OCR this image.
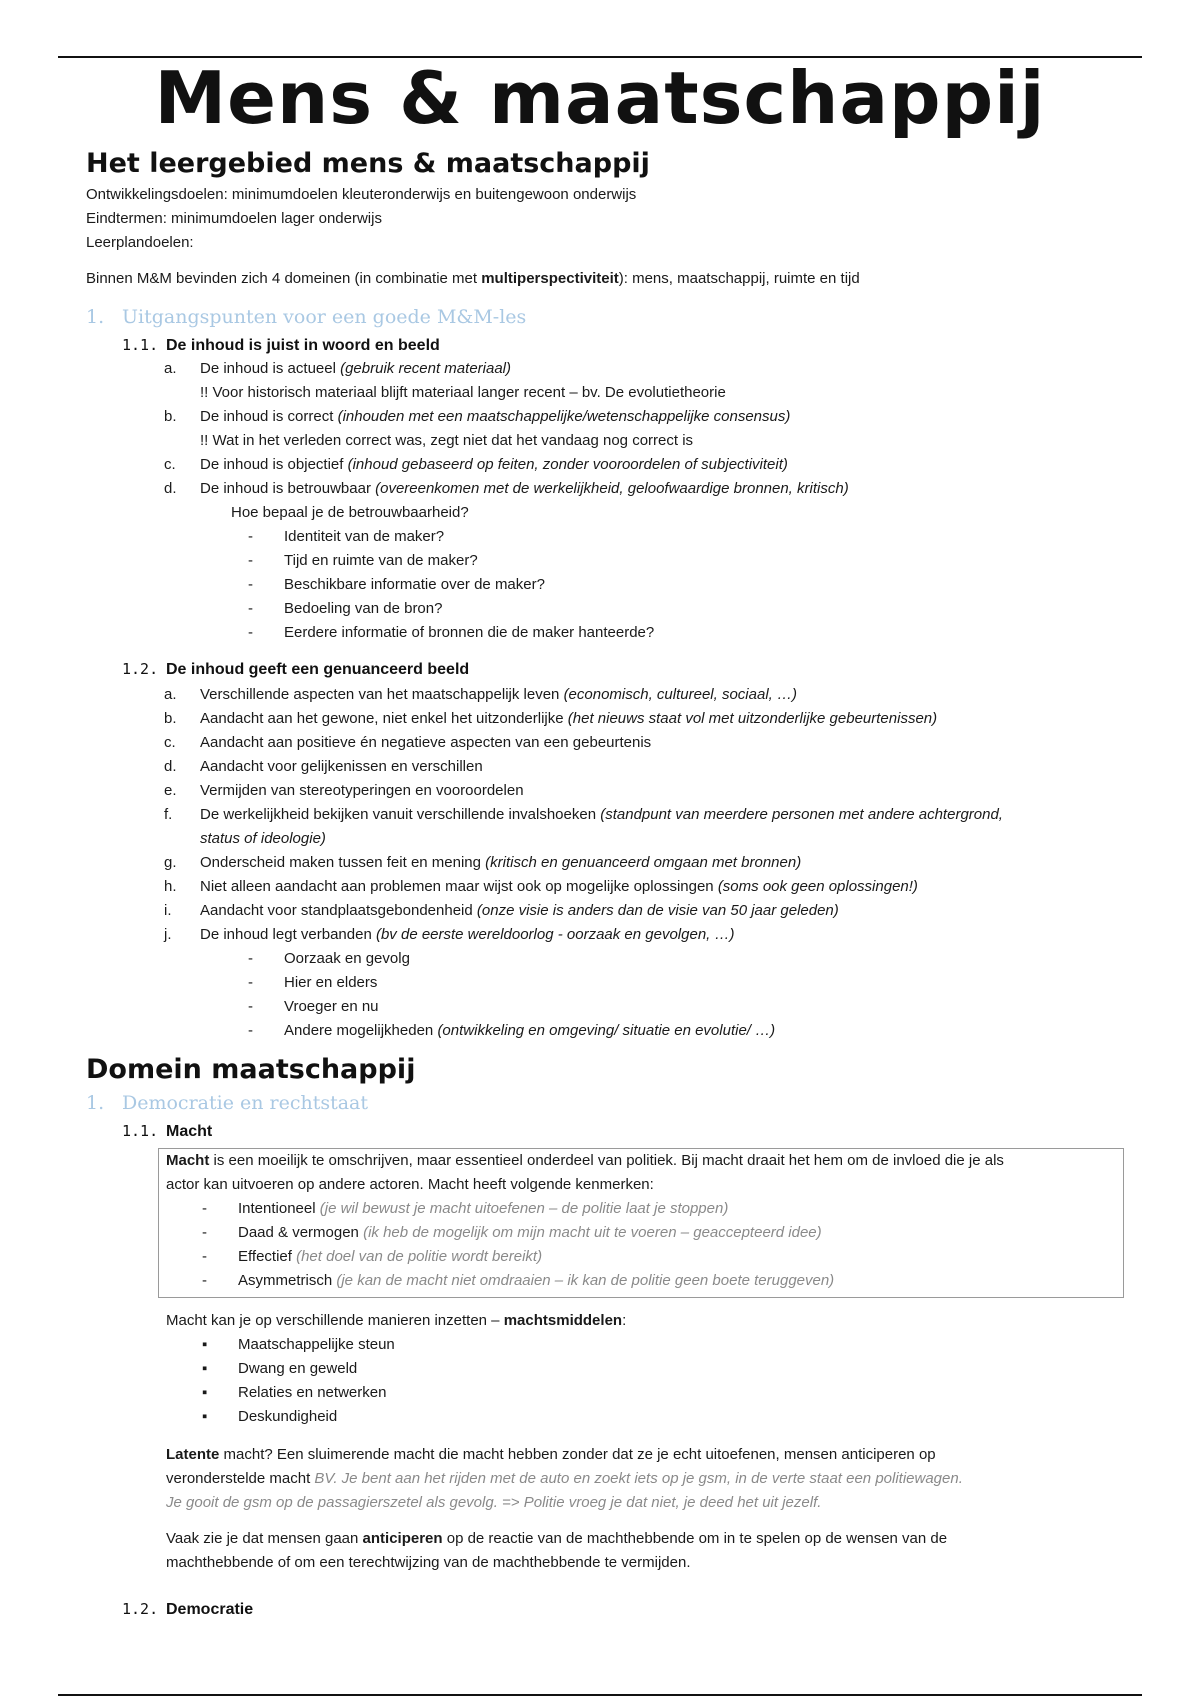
Mens & maatschappij
Het leergebied mens & maatschappij
Ontwikkelingsdoelen: minimumdoelen kleuteronderwijs en buitengewoon onderwijs
Eindtermen: minimumdoelen lager onderwijs
Leerplandoelen:
Binnen M&M bevinden zich 4 domeinen (in combinatie met multiperspectiviteit): mens, maatschappij, ruimte en tijd
1. Uitgangspunten voor een goede M&M-les
1.1. De inhoud is juist in woord en beeld
a. De inhoud is actueel (gebruik recent materiaal)
!! Voor historisch materiaal blijft materiaal langer recent – bv. De evolutietheorie
b. De inhoud is correct (inhouden met een maatschappelijke/wetenschappelijke consensus)
!! Wat in het verleden correct was, zegt niet dat het vandaag nog correct is
c. De inhoud is objectief (inhoud gebaseerd op feiten, zonder vooroordelen of subjectiviteit)
d. De inhoud is betrouwbaar (overeenkomen met de werkelijkheid, geloofwaardige bronnen, kritisch)
Hoe bepaal je de betrouwbaarheid?
- Identiteit van de maker?
- Tijd en ruimte van de maker?
- Beschikbare informatie over de maker?
- Bedoeling van de bron?
- Eerdere informatie of bronnen die de maker hanteerde?
1.2. De inhoud geeft een genuanceerd beeld
a. Verschillende aspecten van het maatschappelijk leven (economisch, cultureel, sociaal, …)
b. Aandacht aan het gewone, niet enkel het uitzonderlijke (het nieuws staat vol met uitzonderlijke gebeurtenissen)
c. Aandacht aan positieve én negatieve aspecten van een gebeurtenis
d. Aandacht voor gelijkenissen en verschillen
e. Vermijden van stereotyperingen en vooroordelen
f. De werkelijkheid bekijken vanuit verschillende invalshoeken (standpunt van meerdere personen met andere achtergrond,
status of ideologie)
g. Onderscheid maken tussen feit en mening (kritisch en genuanceerd omgaan met bronnen)
h. Niet alleen aandacht aan problemen maar wijst ook op mogelijke oplossingen (soms ook geen oplossingen!)
i. Aandacht voor standplaatsgebondenheid (onze visie is anders dan de visie van 50 jaar geleden)
j. De inhoud legt verbanden (bv de eerste wereldoorlog - oorzaak en gevolgen, …)
- Oorzaak en gevolg
- Hier en elders
- Vroeger en nu
- Andere mogelijkheden (ontwikkeling en omgeving/ situatie en evolutie/ …)
Domein maatschappij
1. Democratie en rechtstaat
1.1. Macht
Macht is een moeilijk te omschrijven, maar essentieel onderdeel van politiek. Bij macht draait het hem om de invloed die je als
actor kan uitvoeren op andere actoren. Macht heeft volgende kenmerken:
- Intentioneel (je wil bewust je macht uitoefenen – de politie laat je stoppen)
- Daad & vermogen (ik heb de mogelijk om mijn macht uit te voeren – geaccepteerd idee)
- Effectief (het doel van de politie wordt bereikt)
- Asymmetrisch (je kan de macht niet omdraaien – ik kan de politie geen boete teruggeven)
Macht kan je op verschillende manieren inzetten – machtsmiddelen:
▪ Maatschappelijke steun
▪ Dwang en geweld
▪ Relaties en netwerken
▪ Deskundigheid
Latente macht? Een sluimerende macht die macht hebben zonder dat ze je echt uitoefenen, mensen anticiperen op
veronderstelde macht BV. Je bent aan het rijden met de auto en zoekt iets op je gsm, in de verte staat een politiewagen.
Je gooit de gsm op de passagierszetel als gevolg. => Politie vroeg je dat niet, je deed het uit jezelf.
Vaak zie je dat mensen gaan anticiperen op de reactie van de machthebbende om in te spelen op de wensen van de
machthebbende of om een terechtwijzing van de machthebbende te vermijden.
1.2. Democratie
